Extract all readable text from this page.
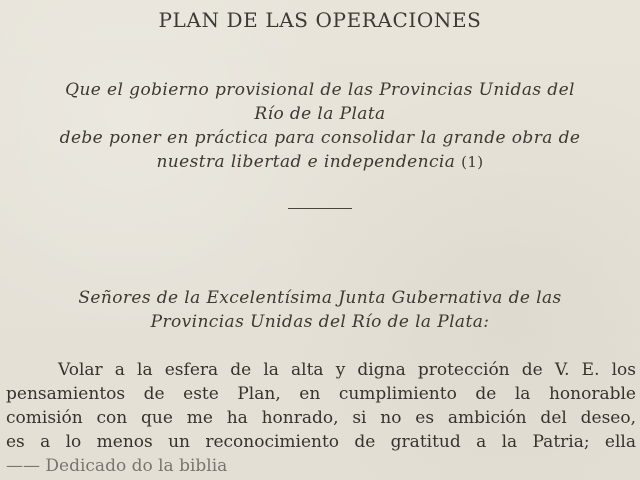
PLAN DE LAS OPERACIONES
Que el gobierno provisional de las Provincias Unidas del
Río de la Plata
debe poner en práctica para consolidar la grande obra de
nuestra libertad e independencia (1)
Señores de la Excelentísima Junta Gubernativa de las
Provincias Unidas del Río de la Plata:
Volar a la esfera de la alta y digna protección de V. E. los
pensamientos de este Plan, en cumplimiento de la honorable
comisión con que me ha honrado, si no es ambición del deseo,
es a lo menos un reconocimiento de gratitud a la Patria; ella
—— Dedicado do la biblia
